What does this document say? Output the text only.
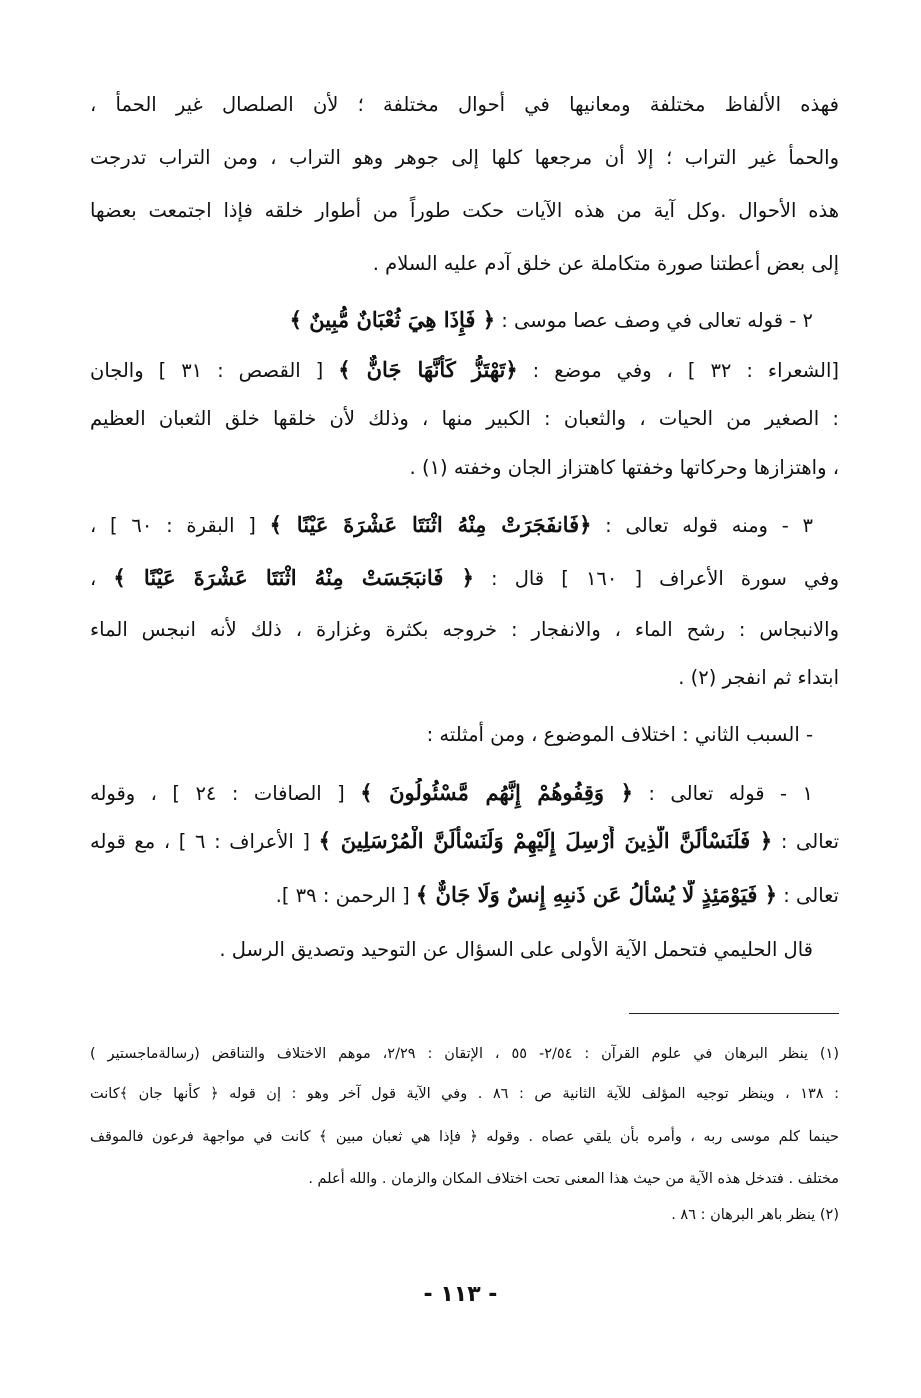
فهذه الألفاظ مختلفة ومعانيها في أحوال مختلفة ؛ لأن الصلصال غير الحمأ ،
والحمأ غير التراب ؛ إلا أن مرجعها كلها إلى جوهر وهو التراب ، ومن التراب تدرجت
هذه الأحوال .وكل آية من هذه الآيات حكت طوراً من أطوار خلقه فإذا اجتمعت بعضها
إلى بعض أعطتنا صورة متكاملة عن خلق آدم عليه السلام .
٢ - قوله تعالى في وصف عصا موسى : ﴿ فَإِذَا هِيَ ثُعْبَانٌ مُّبِينٌ ﴾
[الشعراء : ٣٢ ] ، وفي موضع : ﴿تَهْتَزُّ كَأَنَّهَا جَانٌّ ﴾ [ القصص : ٣١ ] والجان
: الصغير من الحيات ، والثعبان : الكبير منها ، وذلك لأن خلقها خلق الثعبان العظيم
، واهتزازها وحركاتها وخفتها كاهتزاز الجان وخفته (١) .
٣ - ومنه قوله تعالى : ﴿فَانفَجَرَتْ مِنْهُ اثْنَتَا عَشْرَةَ عَيْنًا ﴾ [ البقرة : ٦٠ ] ،
وفي سورة الأعراف [ ١٦٠ ] قال : ﴿ فَانبَجَسَتْ مِنْهُ اثْنَتَا عَشْرَةَ عَيْنًا ﴾ ،
والانبجاس : رشح الماء ، والانفجار : خروجه بكثرة وغزارة ، ذلك لأنه انبجس الماء
ابتداء ثم انفجر (٢) .
- السبب الثاني : اختلاف الموضوع ، ومن أمثلته :
١ - قوله تعالى : ﴿ وَقِفُوهُمْ إِنَّهُم مَّسْئُولُونَ ﴾ [ الصافات : ٢٤ ] ، وقوله
تعالى : ﴿ فَلَنَسْأَلَنَّ الَّذِينَ أُرْسِلَ إِلَيْهِمْ وَلَنَسْأَلَنَّ الْمُرْسَلِينَ ﴾ [ الأعراف : ٦ ] ، مع قوله
تعالى : ﴿ فَيَوْمَئِذٍ لَّا يُسْأَلُ عَن ذَنبِهِ إِنسٌ وَلَا جَانٌّ ﴾ [ الرحمن : ٣٩ ].
قال الحليمي فتحمل الآية الأولى على السؤال عن التوحيد وتصديق الرسل .
(١) ينظر البرهان في علوم القرآن : ٢/٥٤- ٥٥ ، الإتقان : ٢/٢٩، موهم الاختلاف والتناقض (رسالةماجستير )
: ١٣٨ ، وينظر توجيه المؤلف للآية الثانية ص : ٨٦ . وفي الآية قول آخر وهو : إن قوله ﴿ كأنها جان ﴾كانت
حينما كلم موسى ربه ، وأمره بأن يلقي عصاه . وقوله ﴿ فإذا هي ثعبان مبين ﴾ كانت في مواجهة فرعون فالموقف
مختلف . فتدخل هذه الآية من حيث هذا المعنى تحت اختلاف المكان والزمان . والله أعلم .
(٢) ينظر باهر البرهان : ٨٦ .
- ١١٣ -
